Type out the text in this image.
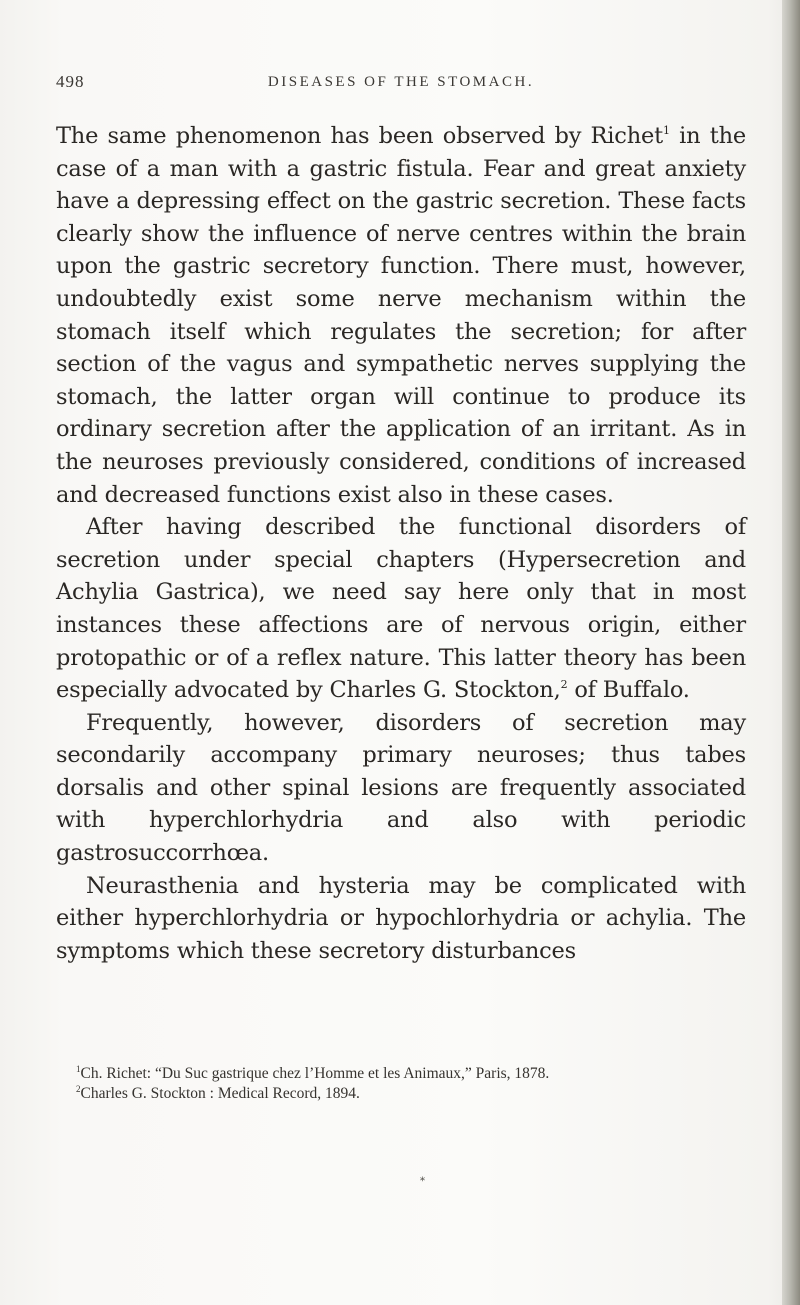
498	DISEASES OF THE STOMACH.

The same phenomenon has been observed by Richet$^1$ in the case of a man with a gastric fistula. Fear and great anxiety have a depressing effect on the gastric secretion. These facts clearly show the influence of nerve centres within the brain upon the gastric secretory function. There must, however, undoubtedly exist some nerve mechanism within the stomach itself which regulates the secretion; for after section of the vagus and sympathetic nerves supplying the stomach, the latter organ will continue to produce its ordinary secretion after the application of an irritant. As in the neuroses previously considered, conditions of increased and decreased functions exist also in these cases.

After having described the functional disorders of secretion under special chapters (Hypersecretion and Achylia Gastrica), we need say here only that in most instances these affections are of nervous origin, either protopathic or of a reflex nature. This latter theory has been especially advocated by Charles G. Stockton,$^2$ of Buffalo.

Frequently, however, disorders of secretion may secondarily accompany primary neuroses; thus tabes dorsalis and other spinal lesions are frequently associated with hyperchlorhydria and also with periodic gastrosuccorrhœa.

Neurasthenia and hysteria may be complicated with either hyperchlorhydria or hypochlorhydria or achylia. The symptoms which these secretory disturbances

$^1$Ch. Richet: “Du Suc gastrique chez l’Homme et les Animaux,” Paris, 1878.

$^2$Charles G. Stockton : Medical Record, 1894.

*
